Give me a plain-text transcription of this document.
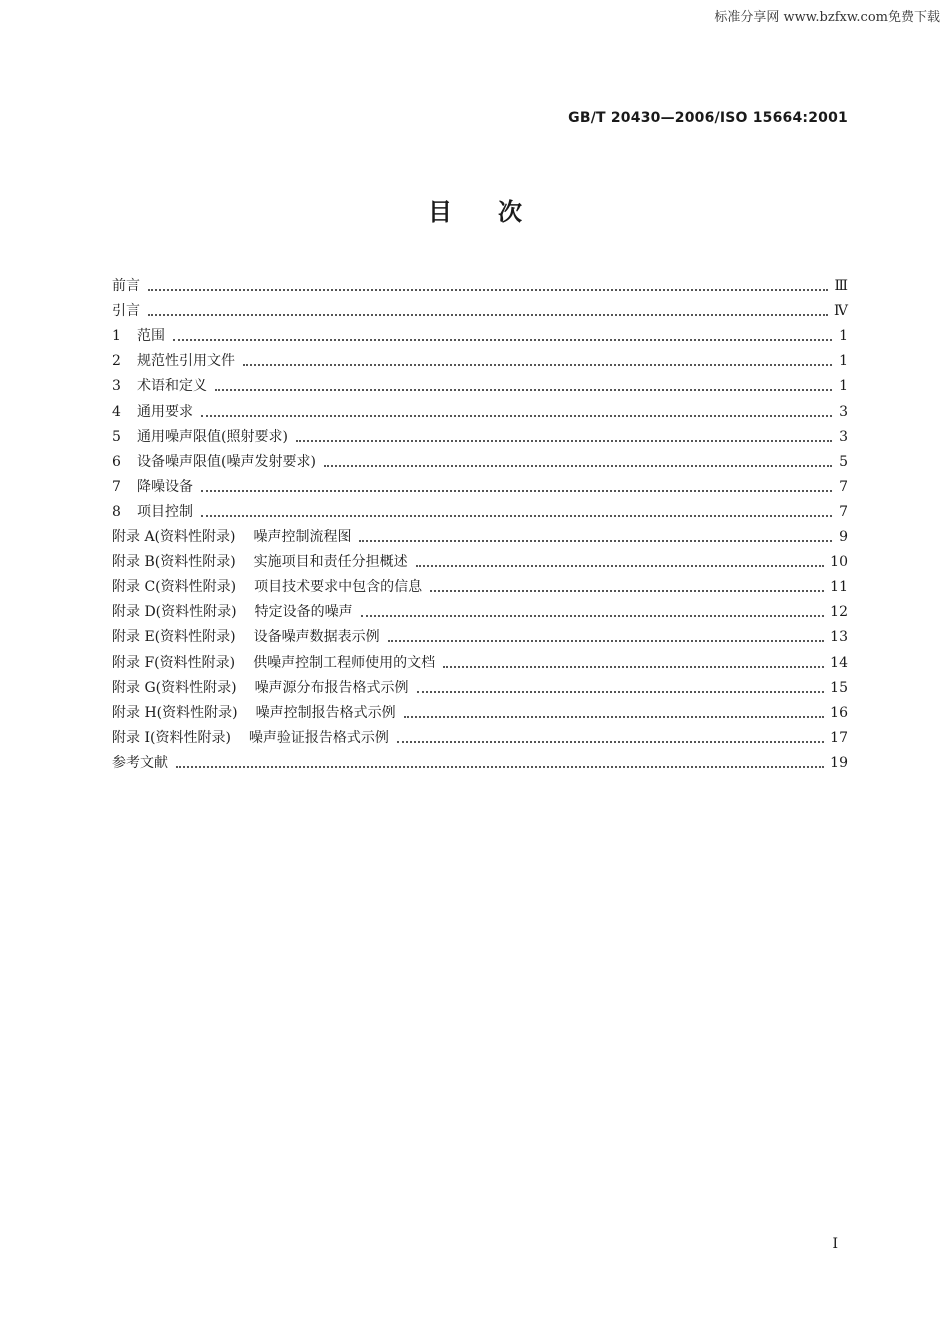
标准分享网 www.bzfxw.com免费下载
GB/T 20430—2006/ISO 15664:2001
目次
前言	Ⅲ
引言	Ⅳ
1 范围	1
2 规范性引用文件	1
3 术语和定义	1
4 通用要求	3
5 通用噪声限值(照射要求)	3
6 设备噪声限值(噪声发射要求)	5
7 降噪设备	7
8 项目控制	7
附录 A(资料性附录) 噪声控制流程图	9
附录 B(资料性附录) 实施项目和责任分担概述	10
附录 C(资料性附录) 项目技术要求中包含的信息	11
附录 D(资料性附录) 特定设备的噪声	12
附录 E(资料性附录) 设备噪声数据表示例	13
附录 F(资料性附录) 供噪声控制工程师使用的文档	14
附录 G(资料性附录) 噪声源分布报告格式示例	15
附录 H(资料性附录) 噪声控制报告格式示例	16
附录 I(资料性附录) 噪声验证报告格式示例	17
参考文献	19
I
